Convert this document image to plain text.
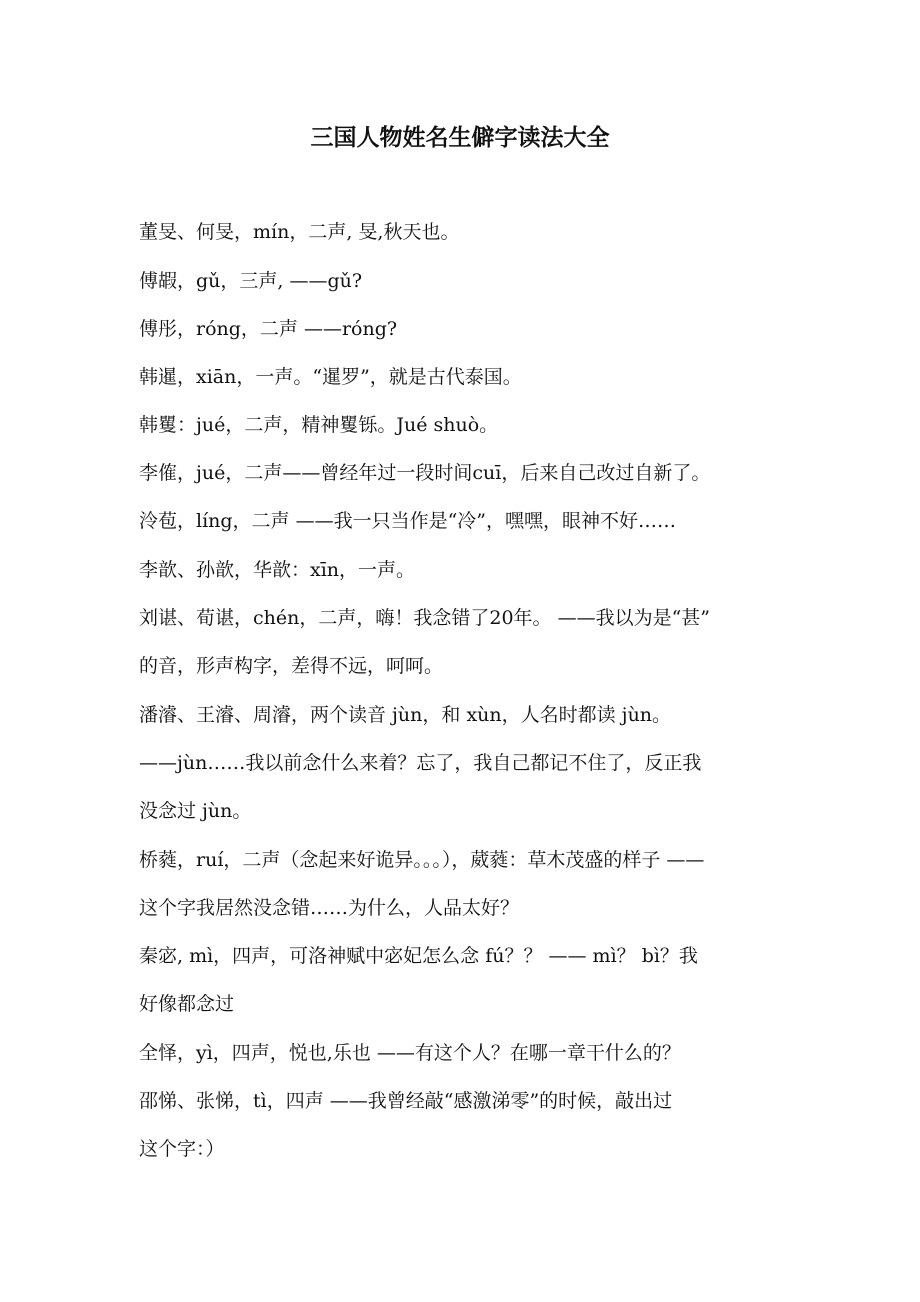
三国人物姓名生僻字读法大全
董旻、何旻，mín，二声, 旻,秋天也。
傅嘏，gǔ，三声, ——gǔ?
傅彤，róng，二声 ——róng?
韩暹，xiān，一声。“暹罗”，就是古代泰国。
韩矍：jué，二声，精神矍铄。Jué shuò。
李傕，jué，二声——曾经年过一段时间cuī，后来自己改过自新了。
泠苞，líng，二声 ——我一只当作是“冷”，嘿嘿，眼神不好……
李歆、孙歆，华歆：xīn，一声。
刘谌、荀谌，chén，二声，嗨！我念错了20年。 ——我以为是“甚”
的音，形声构字，差得不远，呵呵。
潘濬、王濬、周濬，两个读音 jùn，和 xùn，人名时都读 jùn。
——jùn……我以前念什么来着？忘了，我自己都记不住了，反正我
没念过 jùn。
桥蕤，ruí，二声（念起来好诡异。。。），葳蕤：草木茂盛的样子 ——
这个字我居然没念错……为什么，人品太好？
秦宓, mì，四声，可洛神赋中宓妃怎么念 fú？？ —— mì？ bì？我
好像都念过
全怿，yì，四声，悦也,乐也 ——有这个人？在哪一章干什么的？
邵悌、张悌，tì，四声 ——我曾经敲“感激涕零”的时候，敲出过
这个字：）
